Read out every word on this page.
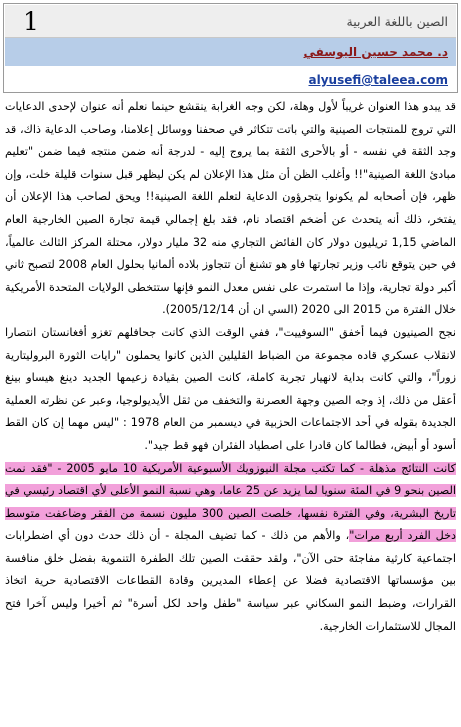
1	الصين باللغة العربية
د. محمد حسين اليوسفي
alyusefi@taleea.com

قد يبدو هذا العنوان غريباً لأول وهلة، لكن وجه الغرابة ينقشع حينما نعلم أنه عنوان لإحدى الدعايات التي تروج للمنتجات الصينية والتي باتت تتكاثر في صحفنا ووسائل إعلامنا، وصاحب الدعاية ذاك، قد وجد الثقة في نفسه - أو بالأحرى الثقة بما يروج إليه - لدرجة أنه ضمن منتجه فيما ضمن "تعليم مبادئ اللغة الصينية"!! وأغلب الظن أن مثل هذا الإعلان لم يكن ليظهر قبل سنوات قليلة خلت، وإن ظهر، فإن أصحابه لم يكونوا يتجرؤون الدعاية لتعلم اللغة الصينية!! ويحق لصاحب هذا الإعلان أن يفتخر، ذلك أنه يتحدث عن أضخم اقتصاد نام، فقد بلغ إجمالي قيمة تجارة الصين الخارجية العام الماضي 1,15 تريليون دولار كان الفائض التجاري منه 32 مليار دولار، محتلة المركز الثالث عالمياً، في حين يتوقع نائب وزير تجارتها فاو هو تشنغ أن تتجاوز بلاده ألمانيا بحلول العام 2008 لتصبح ثاني أكبر دولة تجارية، وإذا ما استمرت على نفس معدل النمو فإنها ستتخطى الولايات المتحدة الأمريكية خلال الفترة من 2015 الى 2020 (السي ان أن 2005/12/14).

نجح الصينيون فيما أخفق "السوفييت"، ففي الوقت الذي كانت جحافلهم تغزو أفغانستان انتصارا لانقلاب عسكري قاده مجموعة من الضباط القليلين الذين كانوا يحملون "رايات الثورة البروليتارية زوراً"، والتي كانت بداية لانهيار تجربة كاملة، كانت الصين بقيادة زعيمها الجديد دينغ هيساو بينغ أعقل من ذلك، إذ وجه الصين وجهة العصرنة والتخفف من ثقل الأيديولوجيا، وعبر عن نظرته العملية الجديدة بقوله في أحد الاجتماعات الحزبية في ديسمبر من العام 1978 : "ليس مهما إن كان القط أسود أو أبيض، فطالما كان قادرا على اصطياد الفئران فهو قط جيد".

كانت النتائج مذهلة - كما تكتب مجلة النيوزويك الأسبوعية الأمريكية 10 مايو 2005 - "فقد نمت الصين بنحو 9 في المئة سنويا لما يزيد عن 25 عاما، وهي نسبة النمو الأعلى لأي اقتصاد رئيسي في تاريخ البشرية، وفي الفترة نفسها، خلصت الصين 300 مليون نسمة من الفقر وضاعفت متوسط دخل الفرد أربع مرات"، والأهم من ذلك - كما تضيف المجلة - أن ذلك حدث دون أي اضطرابات اجتماعية كارثية مفاجئة حتى الآن"، ولقد حققت الصين تلك الطفرة التنموية بفضل خلق منافسة بين مؤسساتها الاقتصادية فضلا عن إعطاء المديرين وقادة القطاعات الاقتصادية حرية اتخاذ القرارات، وضبط النمو السكاني عبر سياسة "طفل واحد لكل أسرة" ثم أخيرا وليس آخرا فتح المجال للاستثمارات الخارجية.
